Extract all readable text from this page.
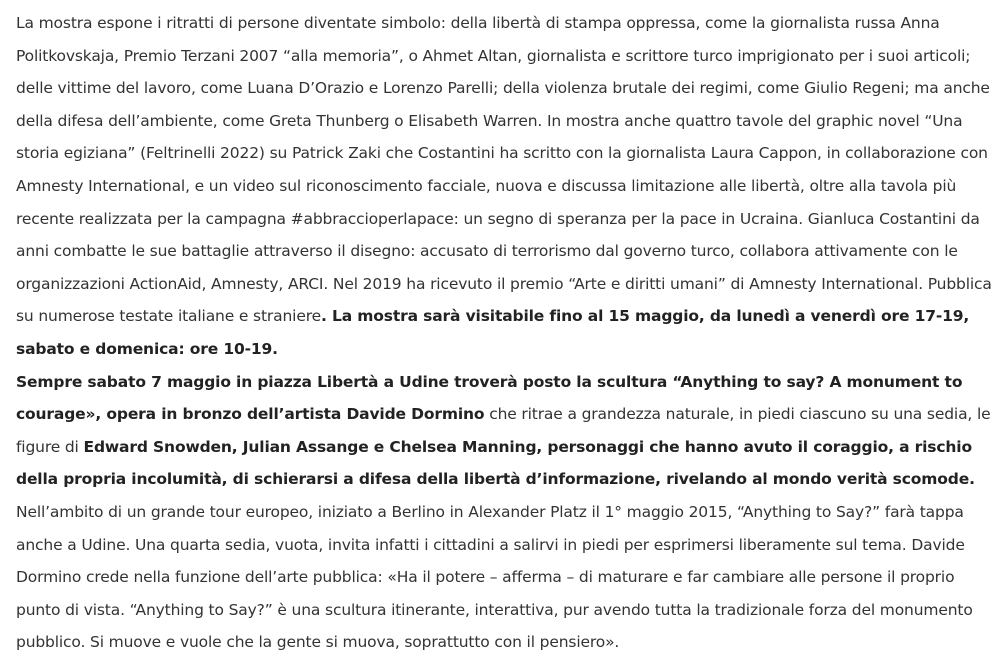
La mostra espone i ritratti di persone diventate simbolo: della libertà di stampa oppressa, come la giornalista russa Anna Politkovskaja, Premio Terzani 2007 “alla memoria”, o Ahmet Altan, giornalista e scrittore turco imprigionato per i suoi articoli; delle vittime del lavoro, come Luana D’Orazio e Lorenzo Parelli; della violenza brutale dei regimi, come Giulio Regeni; ma anche della difesa dell’ambiente, come Greta Thunberg o Elisabeth Warren. In mostra anche quattro tavole del graphic novel “Una storia egiziana” (Feltrinelli 2022) su Patrick Zaki che Costantini ha scritto con la giornalista Laura Cappon, in collaborazione con Amnesty International, e un video sul riconoscimento facciale, nuova e discussa limitazione alle libertà, oltre alla tavola più recente realizzata per la campagna #abbraccioperlapace: un segno di speranza per la pace in Ucraina. Gianluca Costantini da anni combatte le sue battaglie attraverso il disegno: accusato di terrorismo dal governo turco, collabora attivamente con le organizzazioni ActionAid, Amnesty, ARCI. Nel 2019 ha ricevuto il premio “Arte e diritti umani” di Amnesty International. Pubblica su numerose testate italiane e straniere. La mostra sarà visitabile fino al 15 maggio, da lunedì a venerdì ore 17-19, sabato e domenica: ore 10-19.

Sempre sabato 7 maggio in piazza Libertà a Udine troverà posto la scultura “Anything to say? A monument to courage», opera in bronzo dell’artista Davide Dormino che ritrae a grandezza naturale, in piedi ciascuno su una sedia, le figure di Edward Snowden, Julian Assange e Chelsea Manning, personaggi che hanno avuto il coraggio, a rischio della propria incolumità, di schierarsi a difesa della libertà d’informazione, rivelando al mondo verità scomode. Nell’ambito di un grande tour europeo, iniziato a Berlino in Alexander Platz il 1° maggio 2015, “Anything to Say?” farà tappa anche a Udine. Una quarta sedia, vuota, invita infatti i cittadini a salirvi in piedi per esprimersi liberamente sul tema. Davide Dormino crede nella funzione dell’arte pubblica: «Ha il potere – afferma – di maturare e far cambiare alle persone il proprio punto di vista. “Anything to Say?” è una scultura itinerante, interattiva, pur avendo tutta la tradizionale forza del monumento pubblico. Si muove e vuole che la gente si muova, soprattutto con il pensiero».
